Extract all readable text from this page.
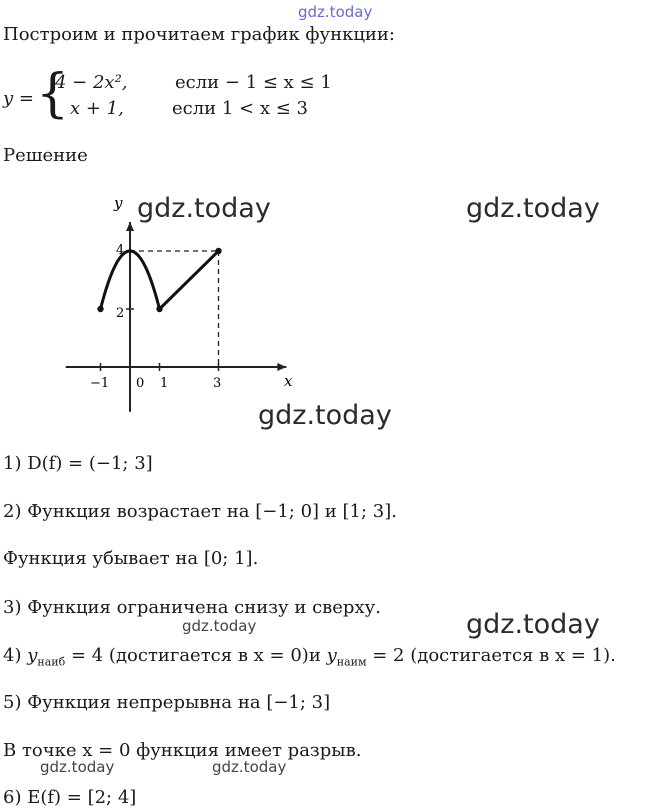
gdz.today
Построим и прочитаем график функции:
y = {
4 − 2x²,	если − 1 ≤ x ≤ 1
x + 1,	если 1 < x ≤ 3
Решение
y
x
4
2
−1 0 1	3
gdz.today	gdz.today
gdz.today
1) D(f) = (−1; 3]
2) Функция возрастает на [−1; 0] и [1; 3].
Функция убывает на [0; 1].
3) Функция ограничена снизу и сверху.
gdz.today	gdz.today
4) $y_{наиб} = 4$ (достигается в x = 0)и $y_{наим} = 2$ (достигается в x = 1).
5) Функция непрерывна на [−1; 3]
В точке x = 0 функция имеет разрыв.
gdz.today	gdz.today
6) E(f) = [2; 4]
